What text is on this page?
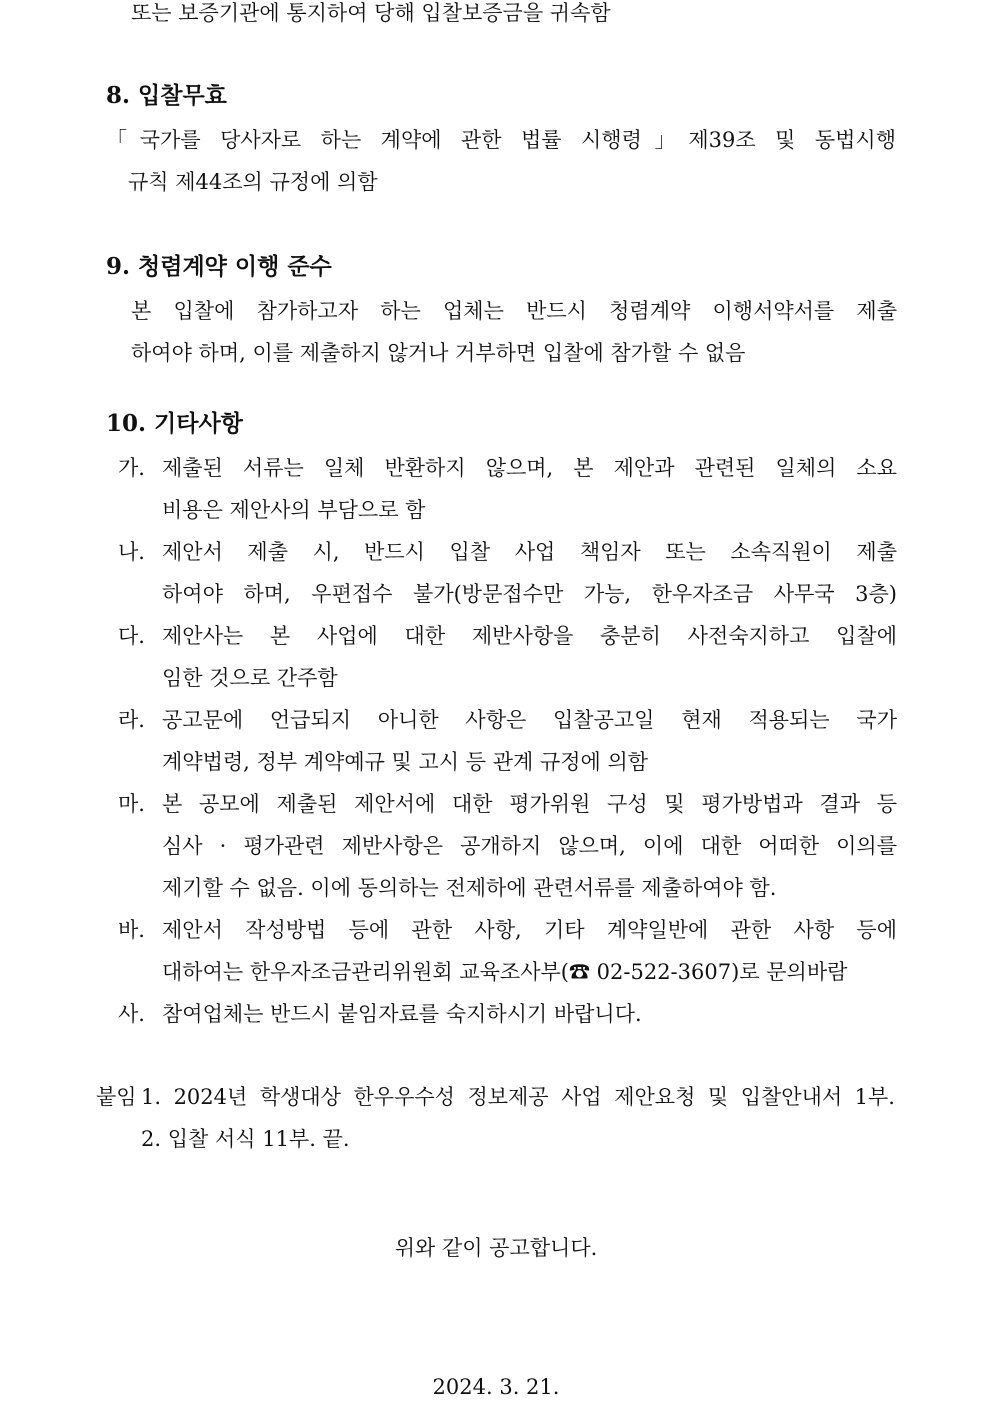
또는 보증기관에 통지하여 당해 입찰보증금을 귀속함
8. 입찰무효
「국가를 당사자로 하는 계약에 관한 법률 시행령」제39조 및 동법시행
규칙 제44조의 규정에 의함
9. 청렴계약 이행 준수
본 입찰에 참가하고자 하는 업체는 반드시 청렴계약 이행서약서를 제출
하여야 하며, 이를 제출하지 않거나 거부하면 입찰에 참가할 수 없음
10. 기타사항
가. 제출된 서류는 일체 반환하지 않으며, 본 제안과 관련된 일체의 소요
비용은 제안사의 부담으로 함
나. 제안서 제출 시, 반드시 입찰 사업 책임자 또는 소속직원이 제출
하여야 하며, 우편접수 불가(방문접수만 가능, 한우자조금 사무국 3층)
다. 제안사는 본 사업에 대한 제반사항을 충분히 사전숙지하고 입찰에
임한 것으로 간주함
라. 공고문에 언급되지 아니한 사항은 입찰공고일 현재 적용되는 국가
계약법령, 정부 계약예규 및 고시 등 관계 규정에 의함
마. 본 공모에 제출된 제안서에 대한 평가위원 구성 및 평가방법과 결과 등
심사 · 평가관련 제반사항은 공개하지 않으며, 이에 대한 어떠한 이의를
제기할 수 없음. 이에 동의하는 전제하에 관련서류를 제출하여야 함.
바. 제안서 작성방법 등에 관한 사항, 기타 계약일반에 관한 사항 등에
대하여는 한우자조금관리위원회 교육조사부(☎ 02-522-3607)로 문의바람
사. 참여업체는 반드시 붙임자료를 숙지하시기 바랍니다.
붙임 1. 2024년 학생대상 한우우수성 정보제공 사업 제안요청 및 입찰안내서 1부.
2. 입찰 서식 11부. 끝.
위와 같이 공고합니다.
2024. 3. 21.
